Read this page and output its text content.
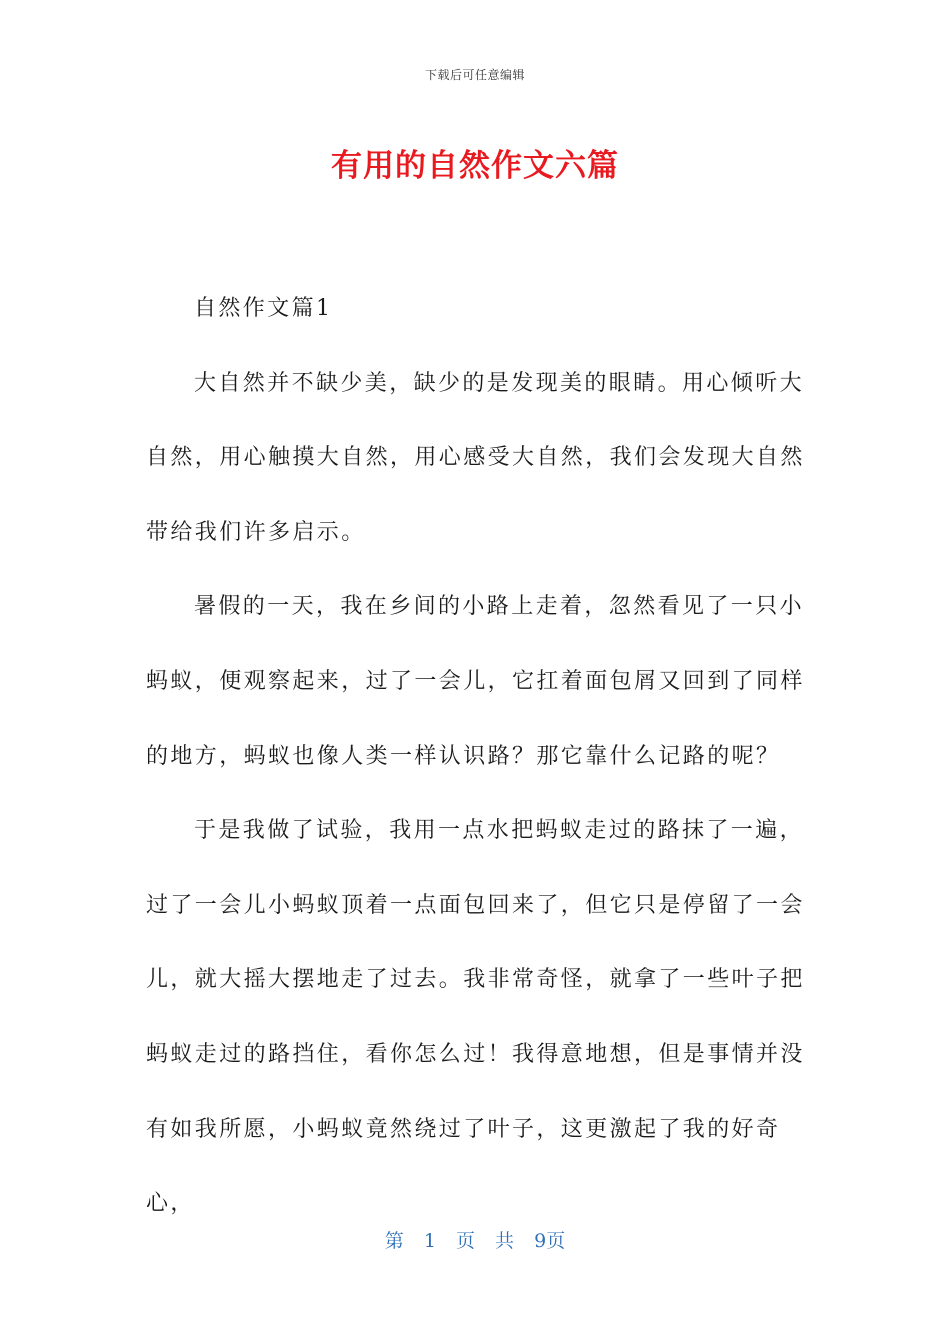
下载后可任意编辑
有用的自然作文六篇

自然作文篇1

大自然并不缺少美，缺少的是发现美的眼睛。用心倾听大自然，用心触摸大自然，用心感受大自然，我们会发现大自然带给我们许多启示。

暑假的一天，我在乡间的小路上走着，忽然看见了一只小蚂蚁，便观察起来，过了一会儿，它扛着面包屑又回到了同样的地方，蚂蚁也像人类一样认识路？那它靠什么记路的呢？

于是我做了试验，我用一点水把蚂蚁走过的路抹了一遍，过了一会儿小蚂蚁顶着一点面包回来了，但它只是停留了一会儿，就大摇大摆地走了过去。我非常奇怪，就拿了一些叶子把蚂蚁走过的路挡住，看你怎么过！我得意地想，但是事情并没有如我所愿，小蚂蚁竟然绕过了叶子，这更激起了我的好奇心，

第 1 页 共 9页
